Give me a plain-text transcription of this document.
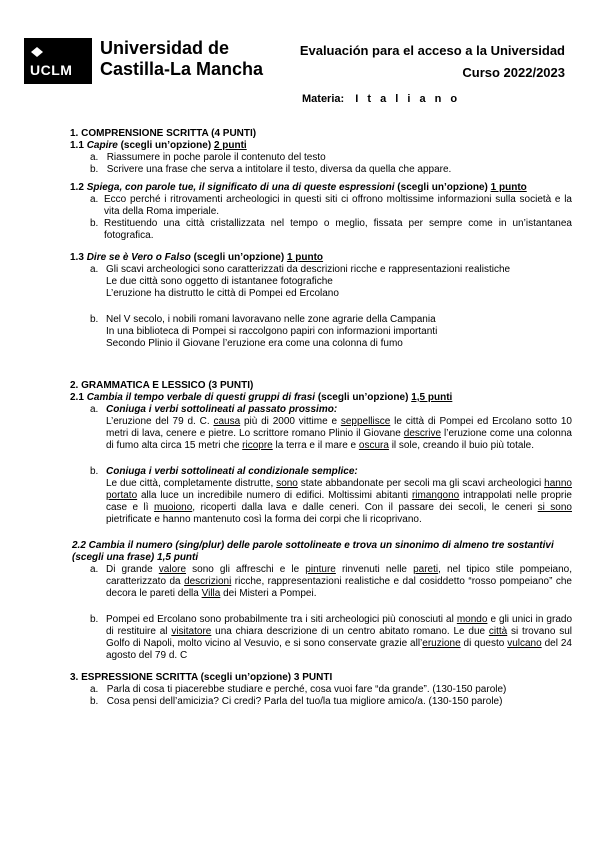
UCLM
Universidad de
Castilla-La Mancha
Evaluación para el acceso a la Universidad
Curso 2022/2023
Materia: I t a l i a n o

1. COMPRENSIONE SCRITTA (4 PUNTI)

1.1 Capire (scegli un’opzione) 2 punti

a. Riassumere in poche parole il contenuto del testo

b. Scrivere una frase che serva a intitolare il testo, diversa da quella che appare.

1.2 Spiega, con parole tue, il significato di una di queste espressioni (scegli un’opzione) 1 punto

a. Ecco perché i ritrovamenti archeologici in questi siti ci offrono moltissime informazioni sulla società e la vita della Roma imperiale.
b. Restituendo una città cristallizzata nel tempo o meglio, fissata per sempre come in un’istantanea fotografica.

1.3 Dire se è Vero o Falso (scegli un’opzione) 1 punto

a. Gli scavi archeologici sono caratterizzati da descrizioni ricche e rappresentazioni realistiche
Le due città sono oggetto di istantanee fotografiche
L’eruzione ha distrutto le città di Pompei ed Ercolano
b. Nel V secolo, i nobili romani lavoravano nelle zone agrarie della Campania
In una biblioteca di Pompei si raccolgono papiri con informazioni importanti
Secondo Plinio il Giovane l’eruzione era come una colonna di fumo

2. GRAMMATICA E LESSICO (3 PUNTI)

2.1 Cambia il tempo verbale di questi gruppi di frasi (scegli un’opzione) 1,5 punti

a. Coniuga i verbi sottolineati al passato prossimo:
L’eruzione del 79 d. C. causa più di 2000 vittime e seppellisce le città di Pompei ed Ercolano sotto 10 metri di lava, cenere e pietre. Lo scrittore romano Plinio il Giovane descrive l’eruzione come una colonna di fumo alta circa 15 metri che ricopre la terra e il mare e oscura il sole, creando il buio più totale.
b. Coniuga i verbi sottolineati al condizionale semplice:
Le due città, completamente distrutte, sono state abbandonate per secoli ma gli scavi archeologici hanno portato alla luce un incredibile numero di edifici. Moltissimi abitanti rimangono intrappolati nelle proprie case e lì muoiono, ricoperti dalla lava e dalle ceneri. Con il passare dei secoli, le ceneri si sono pietrificate e hanno mantenuto così la forma dei corpi che li ricoprivano.

2.2 Cambia il numero (sing/plur) delle parole sottolineate e trova un sinonimo di almeno tre sostantivi (scegli una frase) 1,5 punti

a. Di grande valore sono gli affreschi e le pinture rinvenuti nelle pareti, nel tipico stile pompeiano, caratterizzato da descrizioni ricche, rappresentazioni realistiche e dal cosiddetto “rosso pompeiano” che decora le pareti della Villa dei Misteri a Pompei.
b. Pompei ed Ercolano sono probabilmente tra i siti archeologici più conosciuti al mondo e gli unici in grado di restituire al visitatore una chiara descrizione di un centro abitato romano. Le due città si trovano sul Golfo di Napoli, molto vicino al Vesuvio, e si sono conservate grazie all’eruzione di questo vulcano del 24 agosto del 79 d. C

3. ESPRESSIONE SCRITTA (scegli un’opzione) 3 PUNTI

a. Parla di cosa ti piacerebbe studiare e perché, cosa vuoi fare “da grande”. (130-150 parole)

b. Cosa pensi dell’amicizia? Ci credi? Parla del tuo/la tua migliore amico/a. (130-150 parole)
